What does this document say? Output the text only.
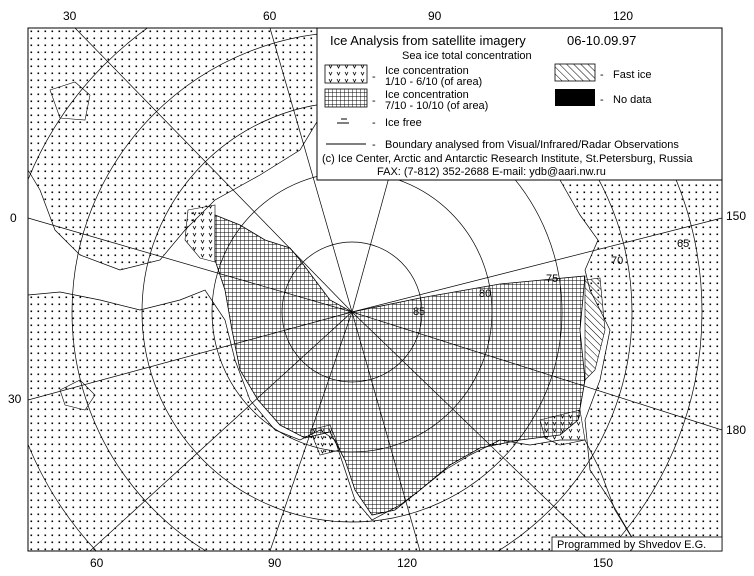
Ice Analysis from satellite imagery	06-10.09.97
Sea ice total concentration
- Ice concentration
1/10 - 6/10 (of area)
- Fast ice
- Ice concentration
7/10 - 10/10 (of area)	- No data
- Ice free
- Boundary analysed from Visual/Infrared/Radar Observations
(c) Ice Center, Arctic and Antarctic Research Institute, St.Petersburg, Russia
FAX: (7-812) 352-2688 E-mail: ydb@aari.nw.ru
30	60	90	120
60	90	120	150
0
30
150
180
65
70
75
80
85
Programmed by Shvedov E.G.
